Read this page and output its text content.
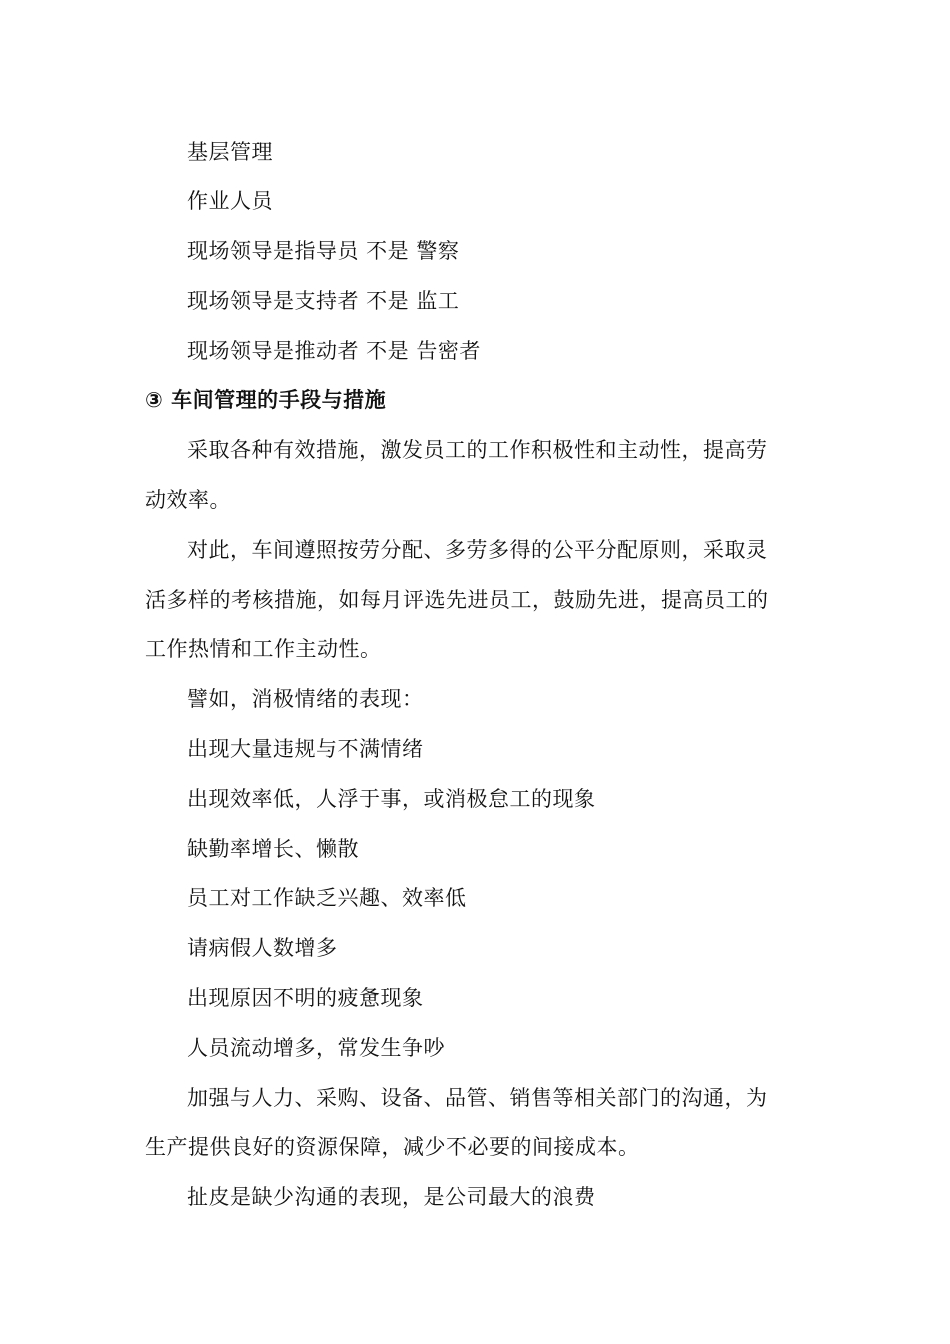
基层管理
作业人员
现场领导是指导员 不是 警察
现场领导是支持者 不是 监工
现场领导是推动者 不是 告密者
③ 车间管理的手段与措施
采取各种有效措施，激发员工的工作积极性和主动性，提高劳
动效率。
对此，车间遵照按劳分配、多劳多得的公平分配原则，采取灵
活多样的考核措施，如每月评选先进员工，鼓励先进，提高员工的
工作热情和工作主动性。
譬如，消极情绪的表现：
出现大量违规与不满情绪
出现效率低，人浮于事，或消极怠工的现象
缺勤率增长、懒散
员工对工作缺乏兴趣、效率低
请病假人数增多
出现原因不明的疲惫现象
人员流动增多，常发生争吵
加强与人力、采购、设备、品管、销售等相关部门的沟通，为
生产提供良好的资源保障，减少不必要的间接成本。
扯皮是缺少沟通的表现，是公司最大的浪费
